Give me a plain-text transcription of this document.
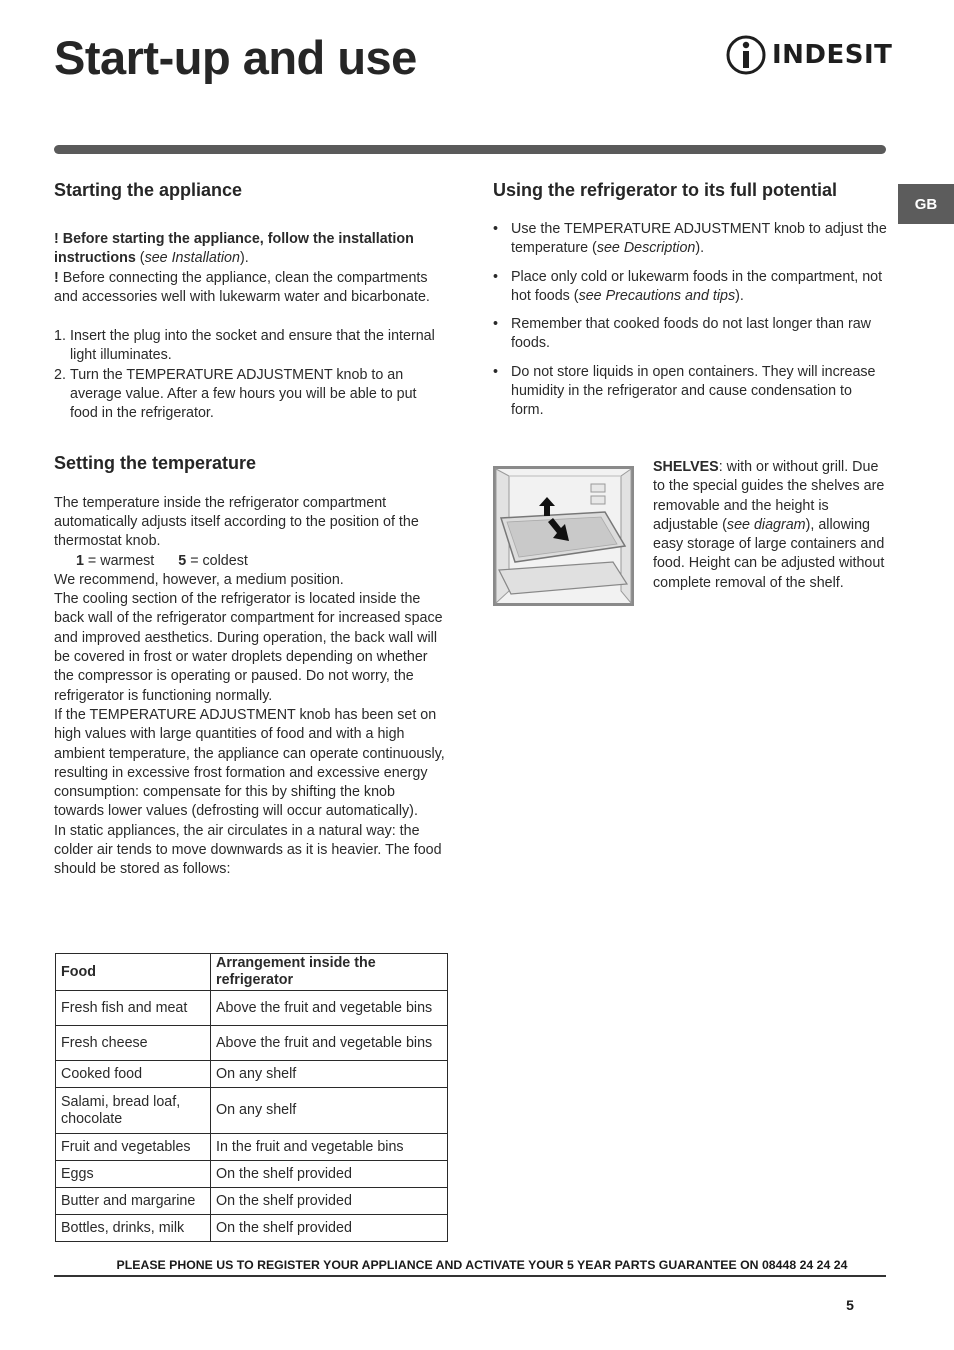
Start-up and use	INDESIT
GB
Starting the appliance

! Before starting the appliance, follow the installation instructions (see Installation).

! Before connecting the appliance, clean the compartments and accessories well with lukewarm water and bicarbonate.

1. Insert the plug into the socket and ensure that the internal light illuminates.
2. Turn the TEMPERATURE ADJUSTMENT knob to an average value. After a few hours you will be able to put food in the refrigerator.
Setting the temperature

The temperature inside the refrigerator compartment automatically adjusts itself according to the position of the thermostat knob.

1 = warmest 5 = coldest

We recommend, however, a medium position.

The cooling section of the refrigerator is located inside the back wall of the refrigerator compartment for increased space and improved aesthetics. During operation, the back wall will be covered in frost or water droplets depending on whether the compressor is operating or paused. Do not worry, the refrigerator is functioning normally.

If the TEMPERATURE ADJUSTMENT knob has been set on high values with large quantities of food and with a high ambient temperature, the appliance can operate continuously, resulting in excessive frost formation and excessive energy consumption: compensate for this by shifting the knob towards lower values (defrosting will occur automatically).

In static appliances, the air circulates in a natural way: the colder air tends to move downwards as it is heavier. The food should be stored as follows:

Food	Arrangement inside the refrigerator
Fresh fish and meat	Above the fruit and vegetable bins
Fresh cheese	Above the fruit and vegetable bins
Cooked food	On any shelf
Salami, bread loaf, chocolate	On any shelf
Fruit and vegetables	In the fruit and vegetable bins
Eggs	On the shelf provided
Butter and margarine	On the shelf provided
Bottles, drinks, milk	On the shelf provided
Using the refrigerator to its full potential
• Use the TEMPERATURE ADJUSTMENT knob to adjust the temperature (see Description).
• Place only cold or lukewarm foods in the compartment, not hot foods (see Precautions and tips).
• Remember that cooked foods do not last longer than raw foods.
• Do not store liquids in open containers. They will increase humidity in the refrigerator and cause condensation to form.
SHELVES: with or without grill. Due to the special guides the shelves are removable and the height is adjustable (see diagram), allowing easy storage of large containers and food. Height can be adjusted without complete removal of the shelf.
PLEASE PHONE US TO REGISTER YOUR APPLIANCE AND ACTIVATE YOUR 5 YEAR PARTS GUARANTEE ON 08448 24 24 24
5
